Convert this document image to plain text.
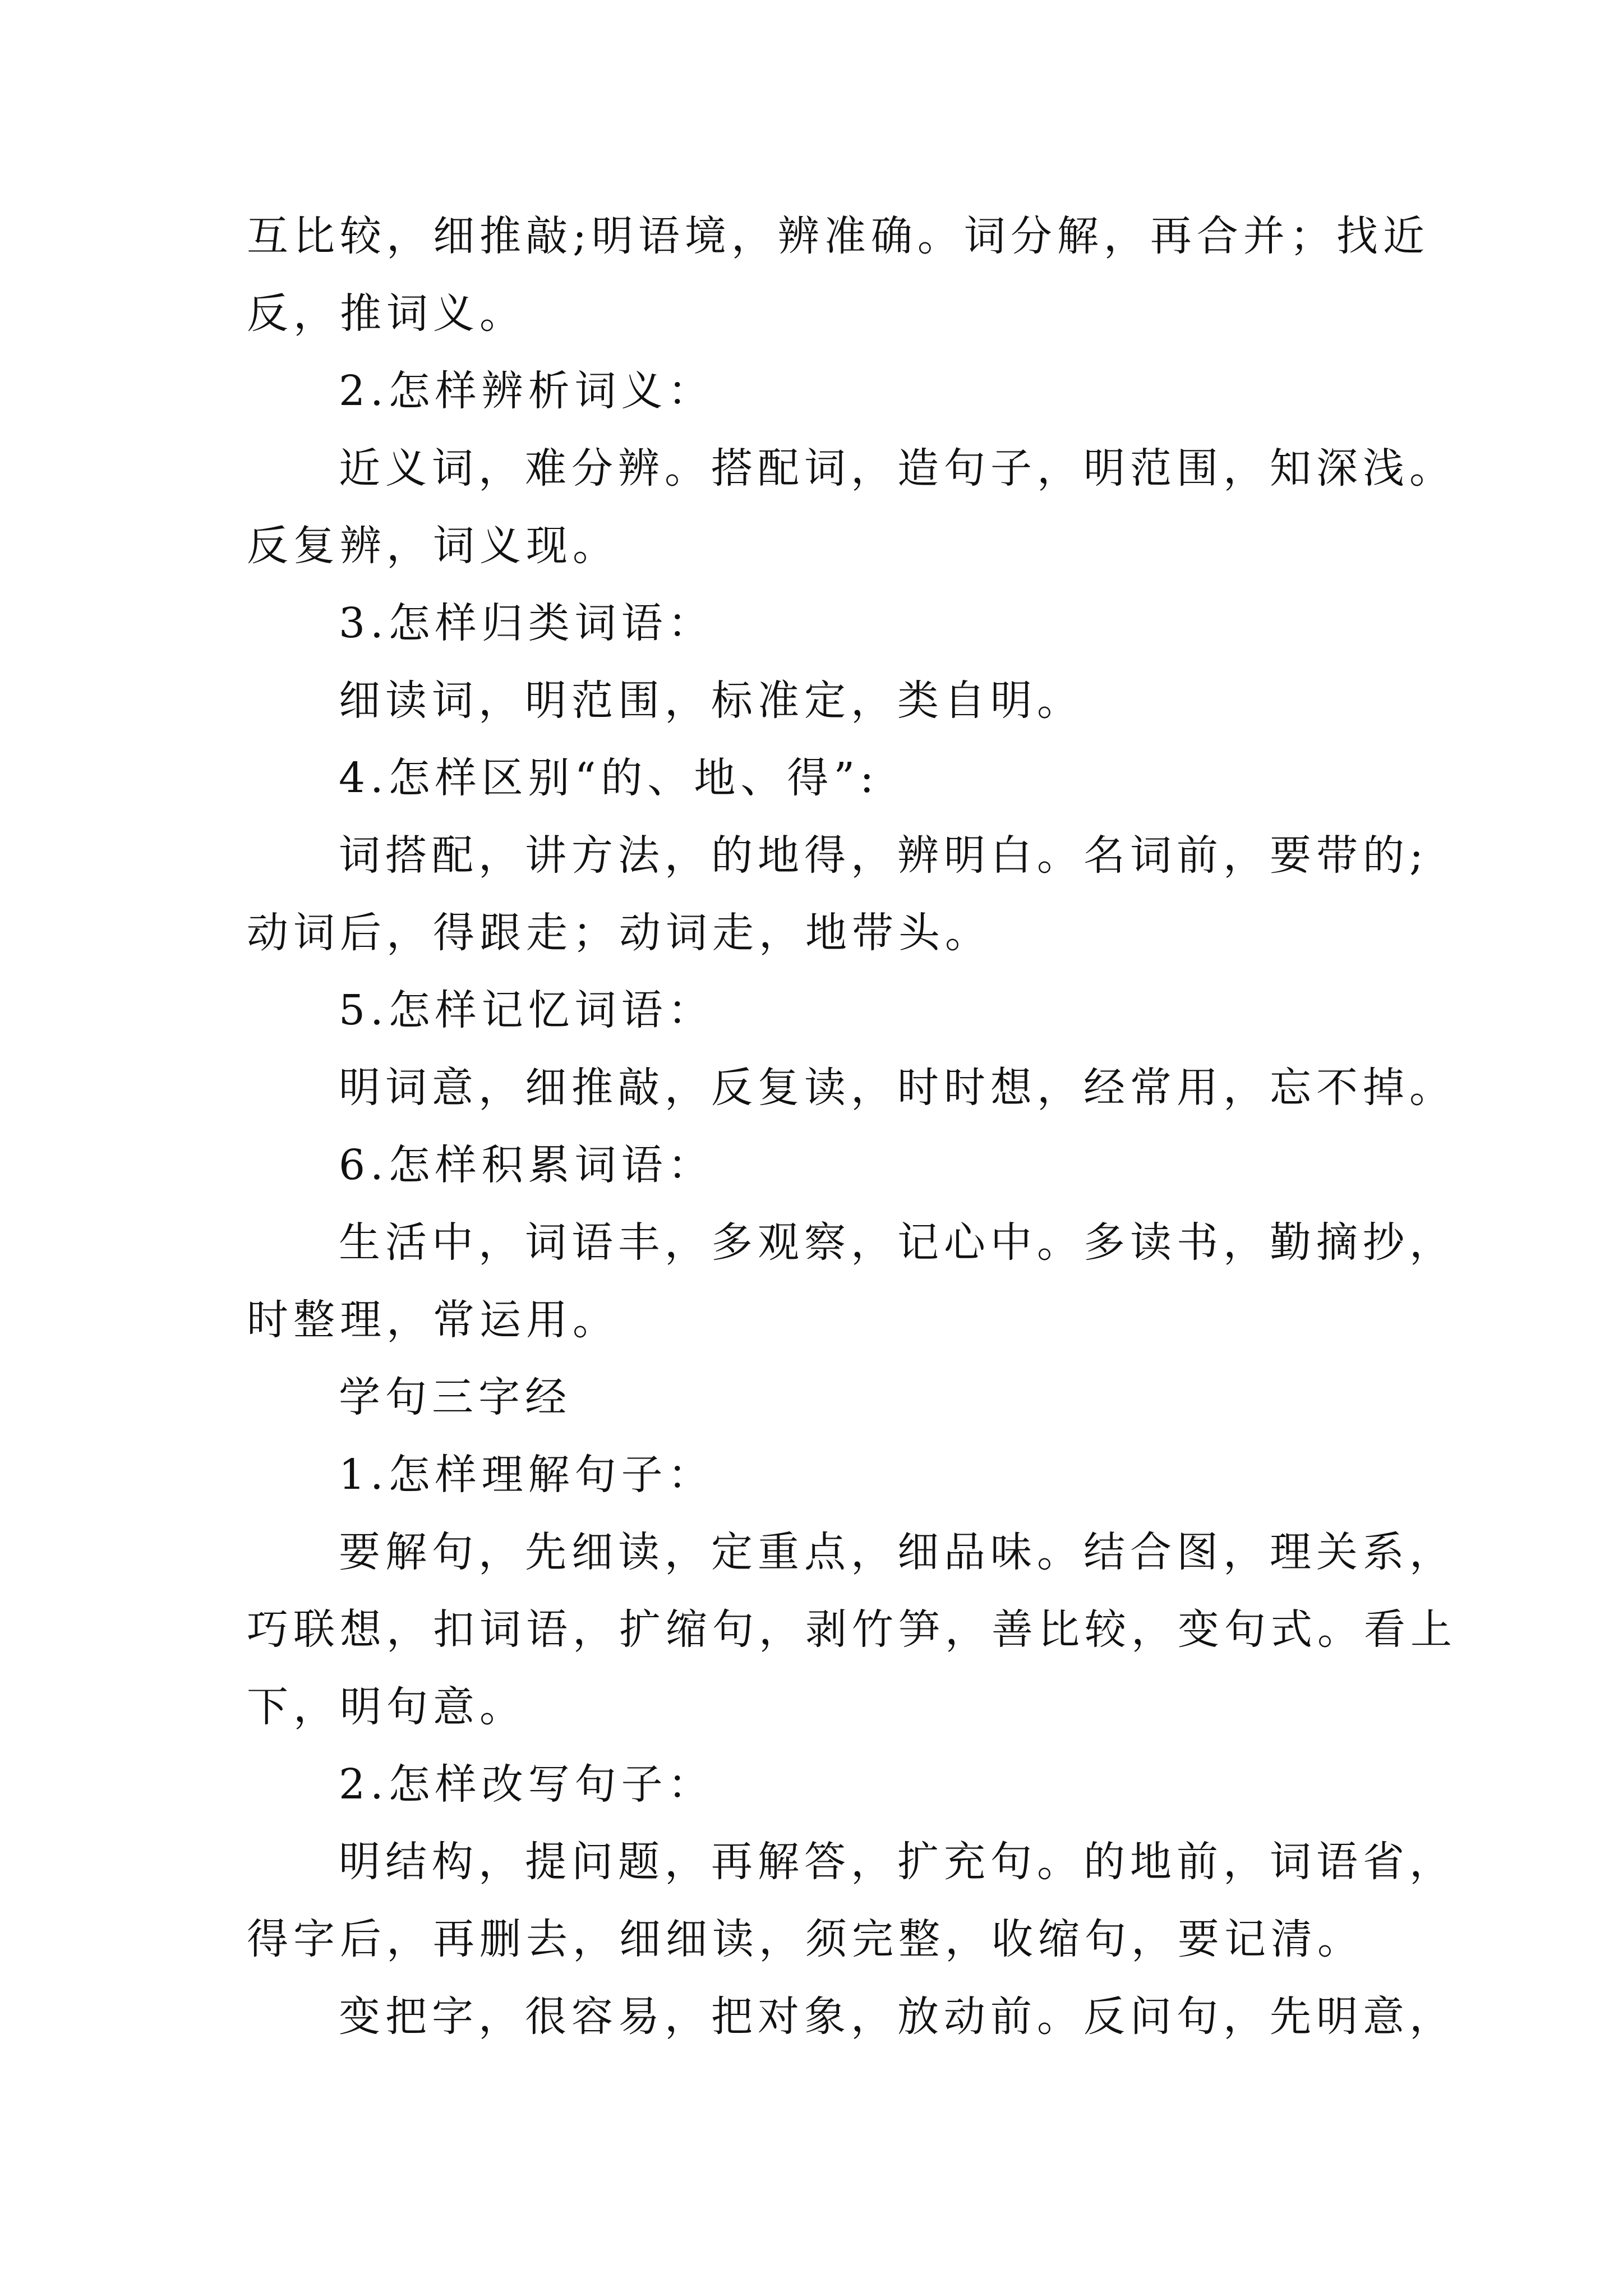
互比较，细推敲;明语境，辨准确。词分解，再合并；找近
反，推词义。
2.怎样辨析词义：
近义词，难分辨。搭配词，造句子，明范围，知深浅。
反复辨，词义现。
3.怎样归类词语：
细读词，明范围，标准定，类自明。
4.怎样区别“的、地、得”:
词搭配，讲方法，的地得，辨明白。名词前，要带的;
动词后，得跟走；动词走，地带头。
5.怎样记忆词语：
明词意，细推敲，反复读，时时想，经常用，忘不掉。
6.怎样积累词语：
生活中，词语丰，多观察，记心中。多读书，勤摘抄，
时整理，常运用。
学句三字经
1.怎样理解句子：
要解句，先细读，定重点，细品味。结合图，理关系，
巧联想，扣词语，扩缩句，剥竹笋，善比较，变句式。看上
下，明句意。
2.怎样改写句子：
明结构，提问题，再解答，扩充句。的地前，词语省，
得字后，再删去，细细读，须完整，收缩句，要记清。
变把字，很容易，把对象，放动前。反问句，先明意，
